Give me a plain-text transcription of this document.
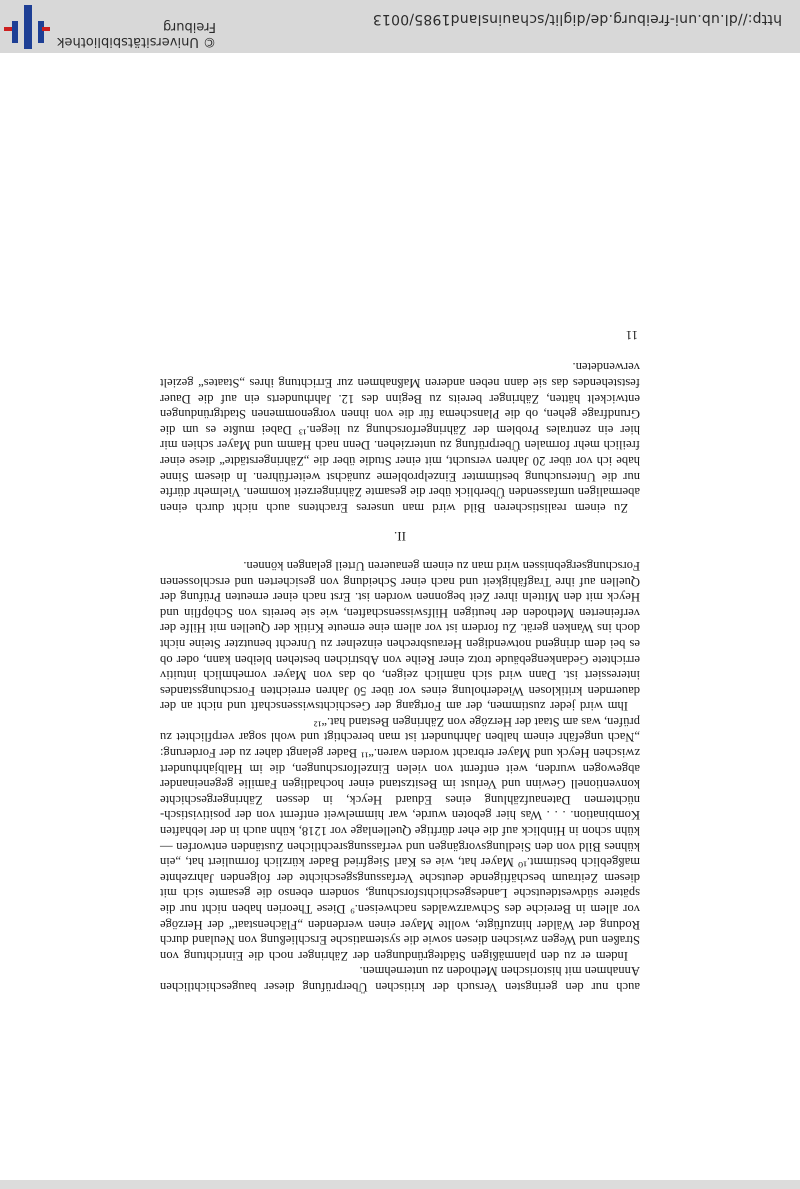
auch nur den geringsten Versuch der kritischen Überprüfung dieser baugeschichtlichen Annahmen mit historischen Methoden zu unternehmen.

Indem er zu den planmäßigen Städtegründungen der Zähringer noch die Einrichtung von Straßen und Wegen zwischen diesen sowie die systematische Erschließung von Neuland durch Rodung der Wälder hinzufügte, wollte Mayer einen werdenden „Flächenstaat“ der Herzöge vor allem in Bereiche des Schwarzwaldes nachweisen.⁹ Diese Theorien haben nicht nur die spätere südwestdeutsche Landesgeschichtsforschung, sondern ebenso die gesamte sich mit diesem Zeitraum beschäftigende deutsche Verfassungsgeschichte der folgenden Jahrzehnte maßgeblich bestimmt.¹⁰ Mayer hat, wie es Karl Siegfried Bader kürzlich formuliert hat, „ein kühnes Bild von den Siedlungsvorgängen und verfassungsrechtlichen Zuständen entworfen — kühn schon in Hinblick auf die eher dürftige Quellenlage vor 1218, kühn auch in der lebhaften Kombination. . . . Was hier geboten wurde, war himmelweit entfernt von der positivistisch-nüchternen Datenaufzählung eines Eduard Heyck, in dessen Zähringergeschichte konventionell Gewinn und Verlust im Besitzstand einer hochadligen Familie gegeneinander abgewogen wurden, weit entfernt von vielen Einzelforschungen, die im Halbjahrhundert zwischen Heyck und Mayer erbracht worden waren.“¹¹ Bader gelangt daher zu der Forderung: „Nach ungefähr einem halben Jahrhundert ist man berechtigt und wohl sogar verpflichtet zu prüfen, was am Staat der Herzöge von Zähringen Bestand hat.“¹²

Ihm wird jeder zustimmen, der am Fortgang der Geschichtswissenschaft und nicht an der dauernden kritiklosen Wiederholung eines vor über 50 Jahren erreichten Forschungsstandes interessiert ist. Dann wird sich nämlich zeigen, ob das von Mayer vornehmlich intuitiv errichtete Gedankengebäude trotz einer Reihe von Abstrichen bestehen bleiben kann, oder ob es bei dem dringend notwendigen Herausbrechen einzelner zu Unrecht benutzter Steine nicht doch ins Wanken gerät. Zu fordern ist vor allem eine erneute Kritik der Quellen mit Hilfe der verfeinerten Methoden der heutigen Hilfswissenschaften, wie sie bereits von Schöpflin und Heyck mit den Mitteln ihrer Zeit begonnen worden ist. Erst nach einer erneuten Prüfung der Quellen auf ihre Tragfähigkeit und nach einer Scheidung von gesicherten und erschlossenen Forschungsergebnissen wird man zu einem genaueren Urteil gelangen können.

II.

Zu einem realistischeren Bild wird man unseres Erachtens auch nicht durch einen abermaligen umfassenden Überblick über die gesamte Zähringerzeit kommen. Vielmehr dürfte nur die Untersuchung bestimmter Einzelprobleme zunächst weiterführen. In diesem Sinne habe ich vor über 20 Jahren versucht, mit einer Studie über die „Zähringerstädte“ diese einer freilich mehr formalen Überprüfung zu unterziehen. Denn nach Hamm und Mayer schien mir hier ein zentrales Problem der Zähringerforschung zu liegen.¹³ Dabei mußte es um die Grundfrage gehen, ob die Planschema für die von ihnen vorgenommenen Stadtgründungen entwickelt hätten, Zähringer bereits zu Beginn des 12. Jahrhunderts ein auf die Dauer feststehendes das sie dann neben anderen Maßnahmen zur Errichtung ihres „Staates“ gezielt verwendeten.

11
© Universitätsbibliothek Freiburg	http://dl.ub.uni-freiburg.de/diglit/schauinsland1985/0013
